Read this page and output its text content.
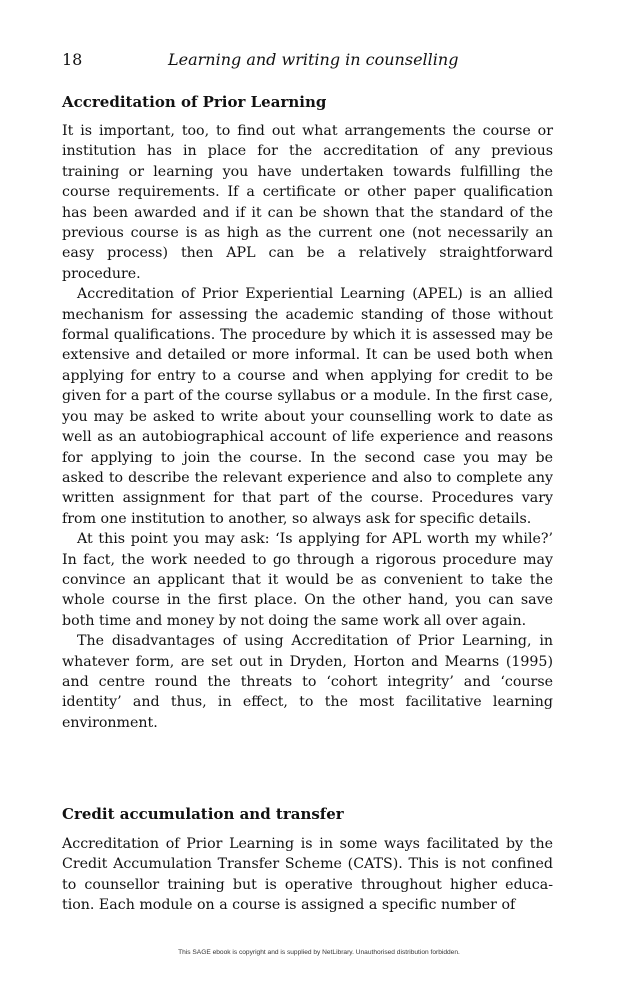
18	Learning and writing in counselling
Accreditation of Prior Learning

It is important, too, to find out what arrangements the course or institution has in place for the accreditation of any previous training or learning you have undertaken towards fulfilling the course requirements. If a certificate or other paper qualification has been awarded and if it can be shown that the standard of the previous course is as high as the current one (not necessarily an easy process) then APL can be a relatively straightforward procedure.

Accreditation of Prior Experiential Learning (APEL) is an allied mechanism for assessing the academic standing of those without formal qualifications. The procedure by which it is assessed may be extensive and detailed or more informal. It can be used both when applying for entry to a course and when applying for credit to be given for a part of the course syllabus or a module. In the first case, you may be asked to write about your counselling work to date as well as an autobiographical account of life experience and reasons for applying to join the course. In the second case you may be asked to describe the relevant experience and also to complete any written assignment for that part of the course. Procedures vary from one institution to another, so always ask for specific details.

At this point you may ask: ‘Is applying for APL worth my while?’ In fact, the work needed to go through a rigorous procedure may convince an applicant that it would be as convenient to take the whole course in the first place. On the other hand, you can save both time and money by not doing the same work all over again.

The disadvantages of using Accreditation of Prior Learning, in whatever form, are set out in Dryden, Horton and Mearns (1995) and centre round the threats to ‘cohort integrity’ and ‘course identity’ and thus, in effect, to the most facilitative learning environment.

Credit accumulation and transfer

Accreditation of Prior Learning is in some ways facilitated by the Credit Accumulation Transfer Scheme (CATS). This is not confined to counsellor training but is operative throughout higher educa-tion. Each module on a course is assigned a specific number of

This SAGE ebook is copyright and is supplied by NetLibrary. Unauthorised distribution forbidden.
